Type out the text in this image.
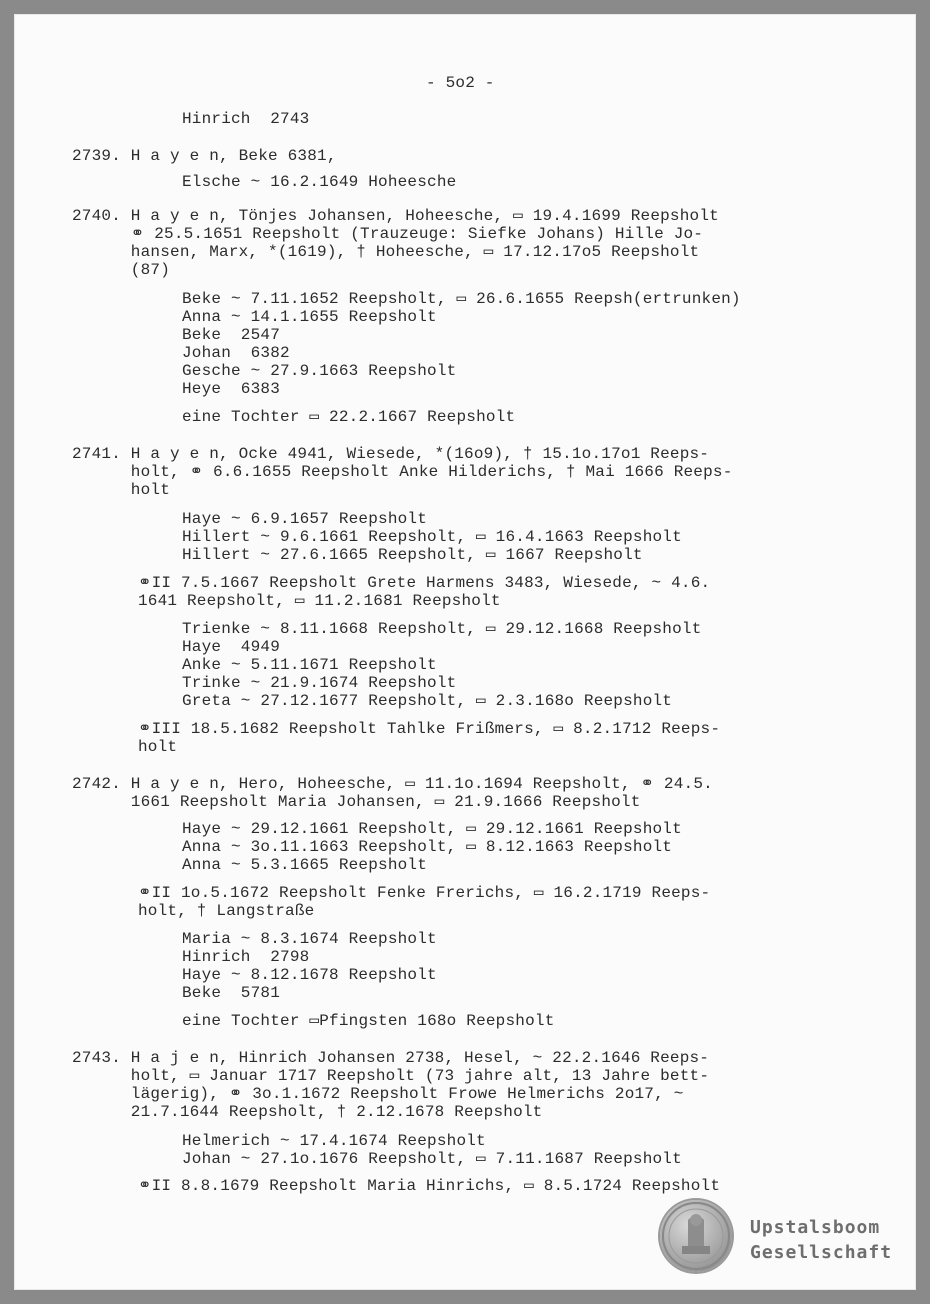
- 5o2 -
Hinrich  2743
2739. H a y e n, Beke 6381,
Elsche ~ 16.2.1649 Hoheesche
2740. H a y e n, Tönjes Johansen, Hoheesche, ▭ 19.4.1699 Reepsholt
⚭ 25.5.1651 Reepsholt (Trauzeuge: Siefke Johans) Hille Jo-
hansen, Marx, *(1619), † Hoheesche, ▭ 17.12.17o5 Reepsholt
(87)
Beke ~ 7.11.1652 Reepsholt, ▭ 26.6.1655 Reepsh(ertrunken)
Anna ~ 14.1.1655 Reepsholt
Beke  2547
Johan  6382
Gesche ~ 27.9.1663 Reepsholt
Heye  6383
eine Tochter ▭ 22.2.1667 Reepsholt
2741. H a y e n, Ocke 4941, Wiesede, *(16o9), † 15.1o.17o1 Reeps-
holt, ⚭ 6.6.1655 Reepsholt Anke Hilderichs, † Mai 1666 Reeps-
holt
Haye ~ 6.9.1657 Reepsholt
Hillert ~ 9.6.1661 Reepsholt, ▭ 16.4.1663 Reepsholt
Hillert ~ 27.6.1665 Reepsholt, ▭ 1667 Reepsholt
⚭II 7.5.1667 Reepsholt Grete Harmens 3483, Wiesede, ~ 4.6.
1641 Reepsholt, ▭ 11.2.1681 Reepsholt
Trienke ~ 8.11.1668 Reepsholt, ▭ 29.12.1668 Reepsholt
Haye  4949
Anke ~ 5.11.1671 Reepsholt
Trinke ~ 21.9.1674 Reepsholt
Greta ~ 27.12.1677 Reepsholt, ▭ 2.3.168o Reepsholt
⚭III 18.5.1682 Reepsholt Tahlke Frißmers, ▭ 8.2.1712 Reeps-
holt
2742. H a y e n, Hero, Hoheesche, ▭ 11.1o.1694 Reepsholt, ⚭ 24.5.
1661 Reepsholt Maria Johansen, ▭ 21.9.1666 Reepsholt
Haye ~ 29.12.1661 Reepsholt, ▭ 29.12.1661 Reepsholt
Anna ~ 3o.11.1663 Reepsholt, ▭ 8.12.1663 Reepsholt
Anna ~ 5.3.1665 Reepsholt
⚭II 1o.5.1672 Reepsholt Fenke Frerichs, ▭ 16.2.1719 Reeps-
holt, † Langstraße
Maria ~ 8.3.1674 Reepsholt
Hinrich  2798
Haye ~ 8.12.1678 Reepsholt
Beke  5781
eine Tochter ▭Pfingsten 168o Reepsholt
2743. H a j e n, Hinrich Johansen 2738, Hesel, ~ 22.2.1646 Reeps-
holt, ▭ Januar 1717 Reepsholt (73 jahre alt, 13 Jahre bett-
lägerig), ⚭ 3o.1.1672 Reepsholt Frowe Helmerichs 2o17, ~
21.7.1644 Reepsholt, † 2.12.1678 Reepsholt
Helmerich ~ 17.4.1674 Reepsholt
Johan ~ 27.1o.1676 Reepsholt, ▭ 7.11.1687 Reepsholt
⚭II 8.8.1679 Reepsholt Maria Hinrichs, ▭ 8.5.1724 Reepsholt
Upstalsboom
Gesellschaft
